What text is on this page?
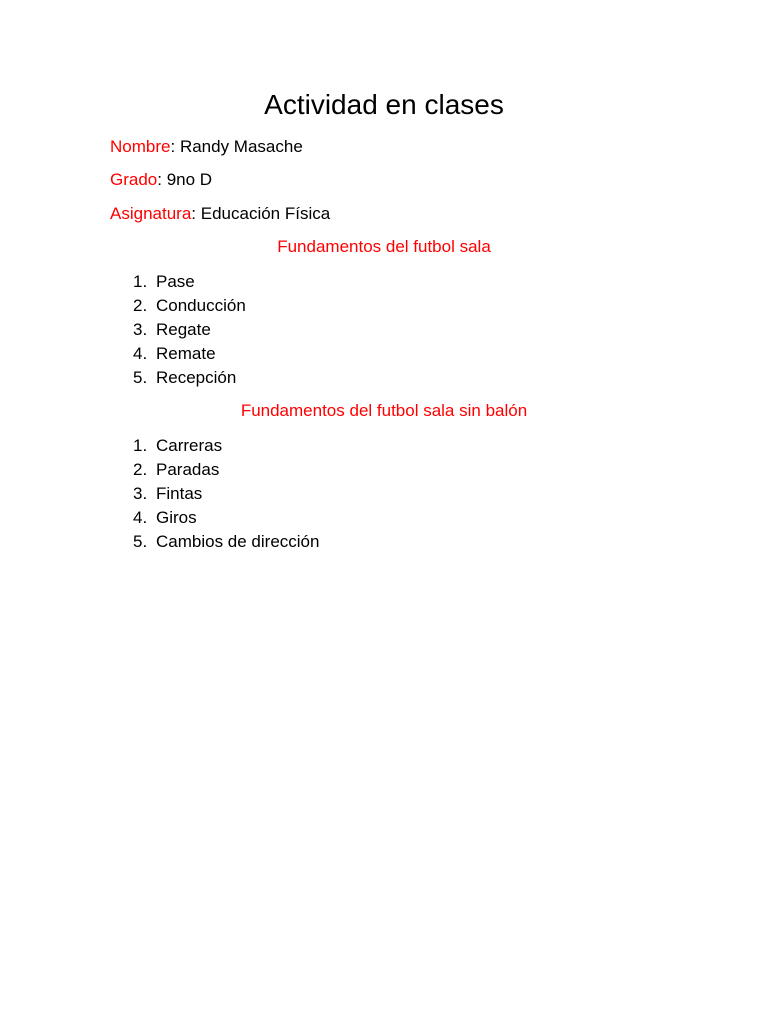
Actividad en clases
Nombre: Randy Masache
Grado: 9no D
Asignatura: Educación Física
Fundamentos del futbol sala
1. Pase
2. Conducción
3. Regate
4. Remate
5. Recepción
Fundamentos del futbol sala sin balón
1. Carreras
2. Paradas
3. Fintas
4. Giros
5. Cambios de dirección
